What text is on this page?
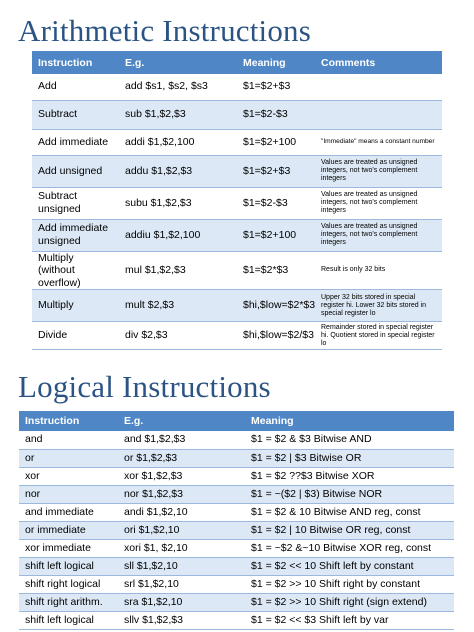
Arithmetic Instructions
Instruction	E.g.	Meaning	Comments
Add	add $s1, $s2, $s3	$1=$2+$3	
Subtract	sub $1,$2,$3	$1=$2-$3	
Add immediate	addi $1,$2,100	$1=$2+100	"Immediate" means a constant number
Add unsigned	addu $1,$2,$3	$1=$2+$3	Values are treated as unsigned integers, not two's complement integers
Subtract unsigned	subu $1,$2,$3	$1=$2-$3	Values are treated as unsigned integers, not two's complement integers
Add immediate unsigned	addiu $1,$2,100	$1=$2+100	Values are treated as unsigned integers, not two's complement integers
Multiply (without overflow)	mul $1,$2,$3	$1=$2*$3	Result is only 32 bits
Multiply	mult $2,$3	$hi,$low=$2*$3	Upper 32 bits stored in special register hi. Lower 32 bits stored in special register lo
Divide	div $2,$3	$hi,$low=$2/$3	Remainder stored in special register hi. Quotient stored in special register lo
Logical Instructions
Instruction	E.g.	Meaning
and	and $1,$2,$3	$1 = $2 & $3 Bitwise AND
or	or $1,$2,$3	$1 = $2 | $3 Bitwise OR
xor	xor $1,$2,$3	$1 = $2 ??$3 Bitwise XOR
nor	nor $1,$2,$3	$1 = ~($2 | $3) Bitwise NOR
and immediate	andi $1,$2,10	$1 = $2 & 10 Bitwise AND reg, const
or immediate	ori $1,$2,10	$1 = $2 | 10 Bitwise OR reg, const
xor immediate	xori $1, $2,10	$1 = ~$2 &~10 Bitwise XOR reg, const
shift left logical	sll $1,$2,10	$1 = $2 << 10 Shift left by constant
shift right logical	srl $1,$2,10	$1 = $2 >> 10 Shift right by constant
shift right arithm.	sra $1,$2,10	$1 = $2 >> 10 Shift right (sign extend)
shift left logical	sllv $1,$2,$3	$1 = $2 << $3 Shift left by var
